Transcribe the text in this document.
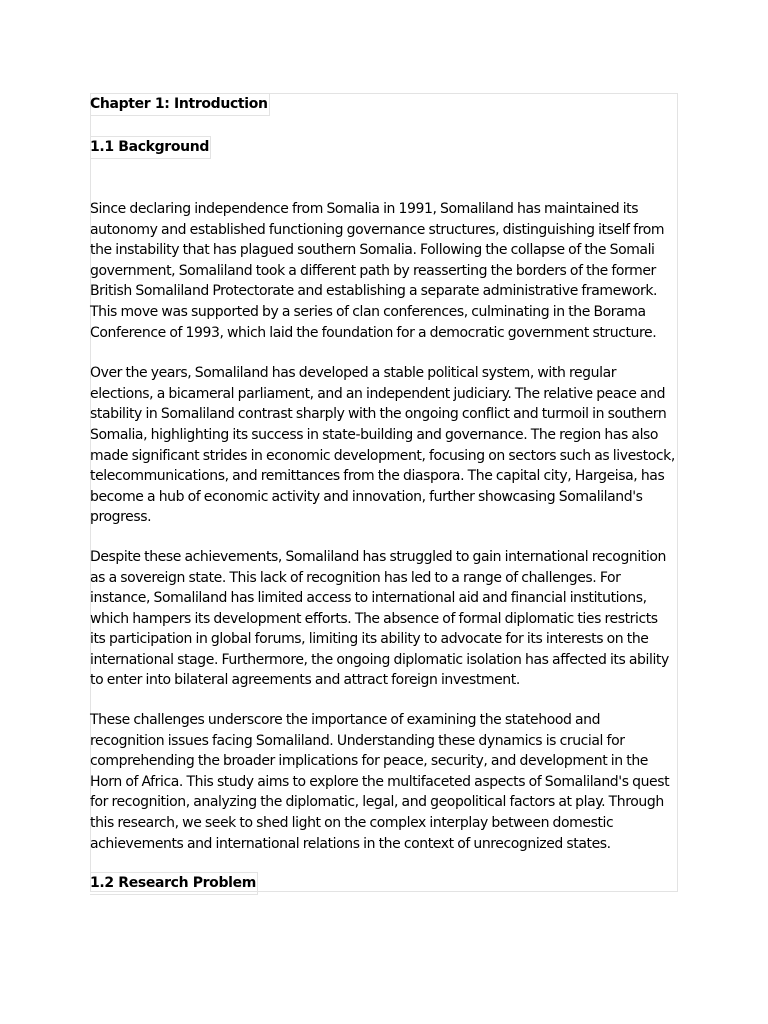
Chapter 1: Introduction
1.1 Background

Since declaring independence from Somalia in 1991, Somaliland has maintained its
autonomy and established functioning governance structures, distinguishing itself from
the instability that has plagued southern Somalia. Following the collapse of the Somali
government, Somaliland took a different path by reasserting the borders of the former
British Somaliland Protectorate and establishing a separate administrative framework.
This move was supported by a series of clan conferences, culminating in the Borama
Conference of 1993, which laid the foundation for a democratic government structure.

Over the years, Somaliland has developed a stable political system, with regular
elections, a bicameral parliament, and an independent judiciary. The relative peace and
stability in Somaliland contrast sharply with the ongoing conflict and turmoil in southern
Somalia, highlighting its success in state-building and governance. The region has also
made significant strides in economic development, focusing on sectors such as livestock,
telecommunications, and remittances from the diaspora. The capital city, Hargeisa, has
become a hub of economic activity and innovation, further showcasing Somaliland's
progress.

Despite these achievements, Somaliland has struggled to gain international recognition
as a sovereign state. This lack of recognition has led to a range of challenges. For
instance, Somaliland has limited access to international aid and financial institutions,
which hampers its development efforts. The absence of formal diplomatic ties restricts
its participation in global forums, limiting its ability to advocate for its interests on the
international stage. Furthermore, the ongoing diplomatic isolation has affected its ability
to enter into bilateral agreements and attract foreign investment.

These challenges underscore the importance of examining the statehood and
recognition issues facing Somaliland. Understanding these dynamics is crucial for
comprehending the broader implications for peace, security, and development in the
Horn of Africa. This study aims to explore the multifaceted aspects of Somaliland's quest
for recognition, analyzing the diplomatic, legal, and geopolitical factors at play. Through
this research, we seek to shed light on the complex interplay between domestic
achievements and international relations in the context of unrecognized states.

1.2 Research Problem
